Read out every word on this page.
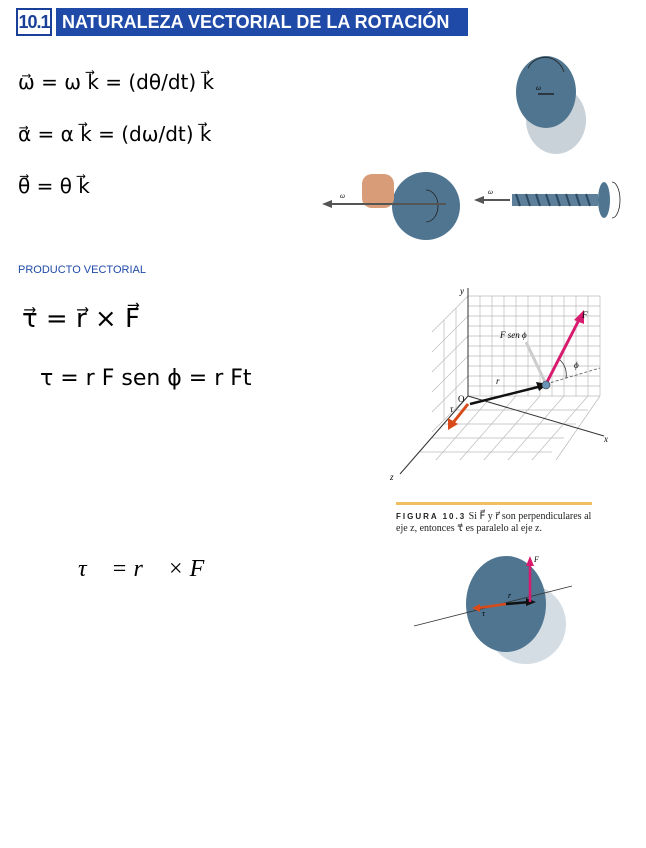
10.1 NATURALEZA VECTORIAL DE LA ROTACIÓN
ω⃗ = ω k⃗ = (dθ/dt) k⃗
α⃗ = α k⃗ = (dω/dt) k⃗
θ⃗ = θ k⃗
ω⃗
ω⃗	ω⃗
PRODUCTO VECTORIAL
τ⃗ = r⃗ × F⃗
τ = r F sen ϕ = r Ft
y
x
z
O
r⃗
τ⃗
F⃗
F sen ϕ
ϕ
FIGURA 10.3 Si F⃗ y r⃗ son perpendiculares al eje z, entonces τ⃗ es paralelo al eje z.
τ⃗ = r⃗ × F⃗
r⃗
τ⃗
F⃗
